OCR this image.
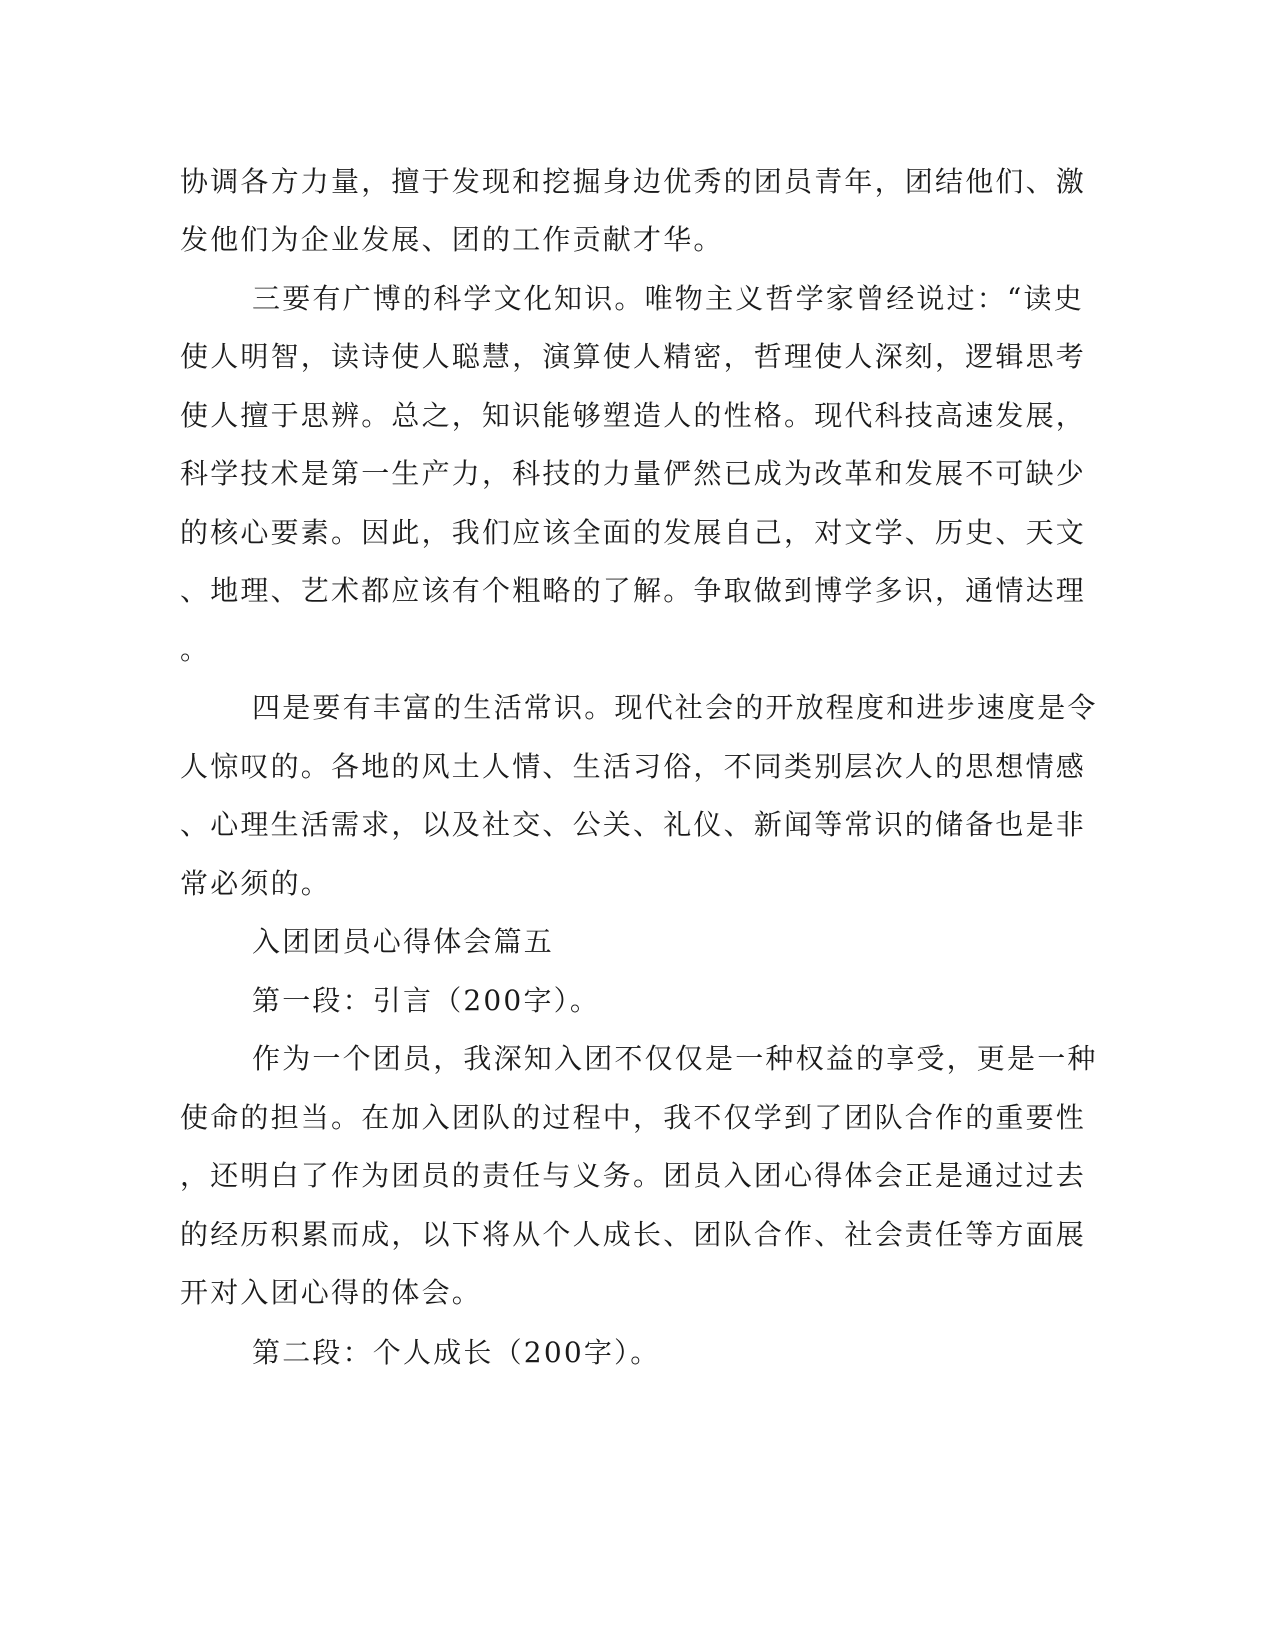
协调各方力量，擅于发现和挖掘身边优秀的团员青年，团结他们、激
发他们为企业发展、团的工作贡献才华。
三要有广博的科学文化知识。唯物主义哲学家曾经说过：“读史
使人明智，读诗使人聪慧，演算使人精密，哲理使人深刻，逻辑思考
使人擅于思辨。总之，知识能够塑造人的性格。现代科技高速发展，
科学技术是第一生产力，科技的力量俨然已成为改革和发展不可缺少
的核心要素。因此，我们应该全面的发展自己，对文学、历史、天文
、地理、艺术都应该有个粗略的了解。争取做到博学多识，通情达理
。
四是要有丰富的生活常识。现代社会的开放程度和进步速度是令
人惊叹的。各地的风土人情、生活习俗，不同类别层次人的思想情感
、心理生活需求，以及社交、公关、礼仪、新闻等常识的储备也是非
常必须的。
入团团员心得体会篇五
第一段：引言（200字）。
作为一个团员，我深知入团不仅仅是一种权益的享受，更是一种
使命的担当。在加入团队的过程中，我不仅学到了团队合作的重要性
，还明白了作为团员的责任与义务。团员入团心得体会正是通过过去
的经历积累而成，以下将从个人成长、团队合作、社会责任等方面展
开对入团心得的体会。
第二段：个人成长（200字）。
